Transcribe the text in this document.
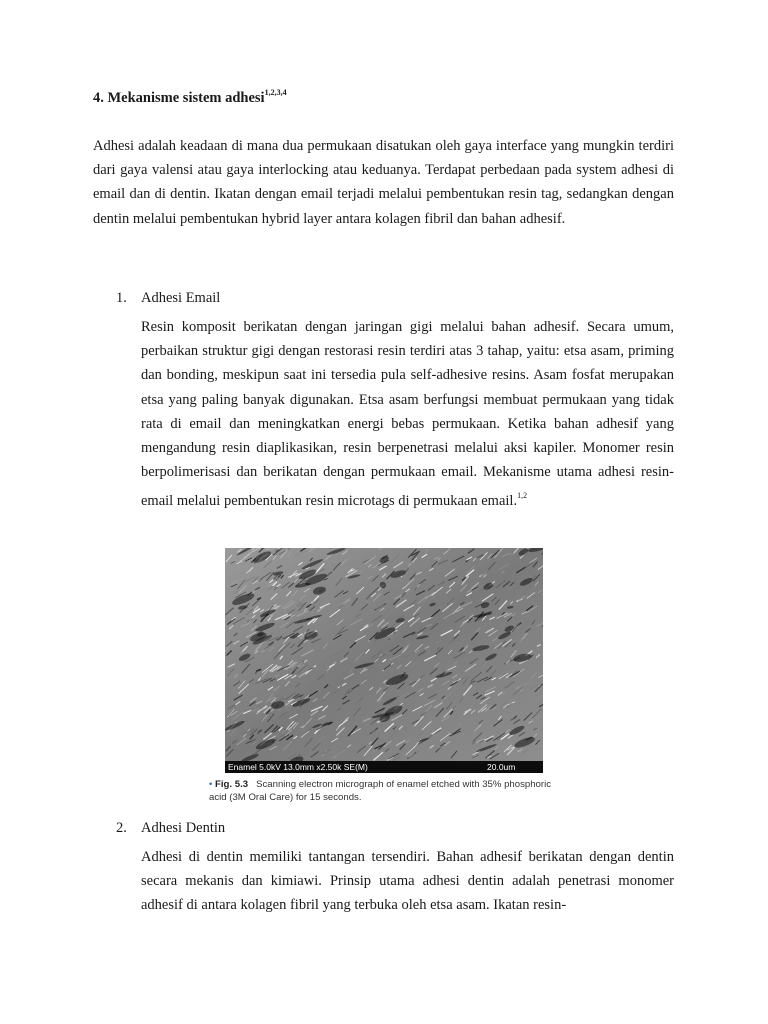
4. Mekanisme sistem adhesi$^{1,2,3,4}$

Adhesi adalah keadaan di mana dua permukaan disatukan oleh gaya interface yang mungkin terdiri dari gaya valensi atau gaya interlocking atau keduanya. Terdapat perbedaan pada system adhesi di email dan di dentin. Ikatan dengan email terjadi melalui pembentukan resin tag, sedangkan dengan dentin melalui pembentukan hybrid layer antara kolagen fibril dan bahan adhesif.

1. Adhesi Email

Resin komposit berikatan dengan jaringan gigi melalui bahan adhesif. Secara umum, perbaikan struktur gigi dengan restorasi resin terdiri atas 3 tahap, yaitu: etsa asam, priming dan bonding, meskipun saat ini tersedia pula self-adhesive resins. Asam fosfat merupakan etsa yang paling banyak digunakan. Etsa asam berfungsi membuat permukaan yang tidak rata di email dan meningkatkan energi bebas permukaan. Ketika bahan adhesif yang mengandung resin diaplikasikan, resin berpenetrasi melalui aksi kapiler. Monomer resin berpolimerisasi dan berikatan dengan permukaan email. Mekanisme utama adhesi resin-email melalui pembentukan resin microtags di permukaan email.$^{1,2}$

Enamel 5.0kV 13.0mm x2.50k SE(M)	20.0um

• Fig. 5.3 Scanning electron micrograph of enamel etched with 35% phosphoric acid (3M Oral Care) for 15 seconds.

2. Adhesi Dentin

Adhesi di dentin memiliki tantangan tersendiri. Bahan adhesif berikatan dengan dentin secara mekanis dan kimiawi. Prinsip utama adhesi dentin adalah penetrasi monomer adhesif di antara kolagen fibril yang terbuka oleh etsa asam. Ikatan resin-
